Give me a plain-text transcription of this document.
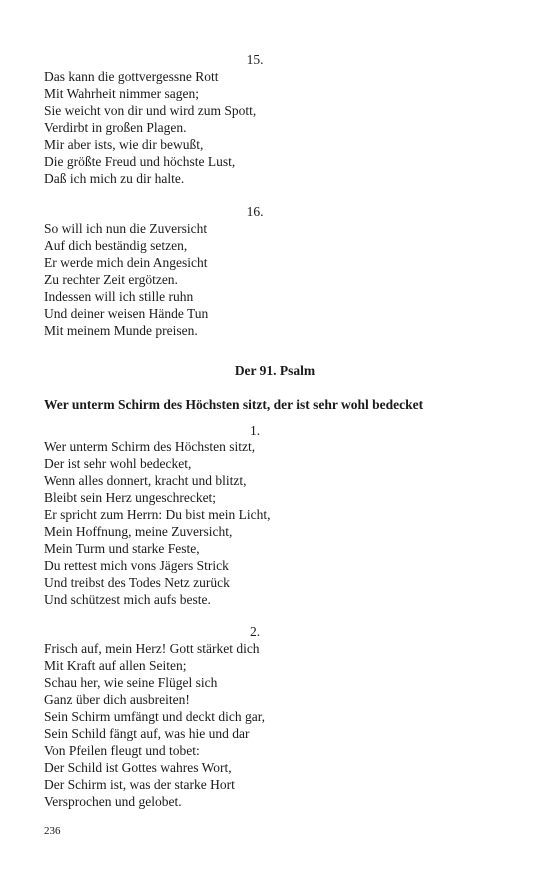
15.
Das kann die gottvergessne Rott
Mit Wahrheit nimmer sagen;
Sie weicht von dir und wird zum Spott,
Verdirbt in großen Plagen.
Mir aber ists, wie dir bewußt,
Die größte Freud und höchste Lust,
Daß ich mich zu dir halte.
16.
So will ich nun die Zuversicht
Auf dich beständig setzen,
Er werde mich dein Angesicht
Zu rechter Zeit ergötzen.
Indessen will ich stille ruhn
Und deiner weisen Hände Tun
Mit meinem Munde preisen.
Der 91. Psalm
Wer unterm Schirm des Höchsten sitzt, der ist sehr wohl bedecket
1.
Wer unterm Schirm des Höchsten sitzt,
Der ist sehr wohl bedecket,
Wenn alles donnert, kracht und blitzt,
Bleibt sein Herz ungeschrecket;
Er spricht zum Herrn: Du bist mein Licht,
Mein Hoffnung, meine Zuversicht,
Mein Turm und starke Feste,
Du rettest mich vons Jägers Strick
Und treibst des Todes Netz zurück
Und schützest mich aufs beste.
2.
Frisch auf, mein Herz! Gott stärket dich
Mit Kraft auf allen Seiten;
Schau her, wie seine Flügel sich
Ganz über dich ausbreiten!
Sein Schirm umfängt und deckt dich gar,
Sein Schild fängt auf, was hie und dar
Von Pfeilen fleugt und tobet:
Der Schild ist Gottes wahres Wort,
Der Schirm ist, was der starke Hort
Versprochen und gelobet.
236
